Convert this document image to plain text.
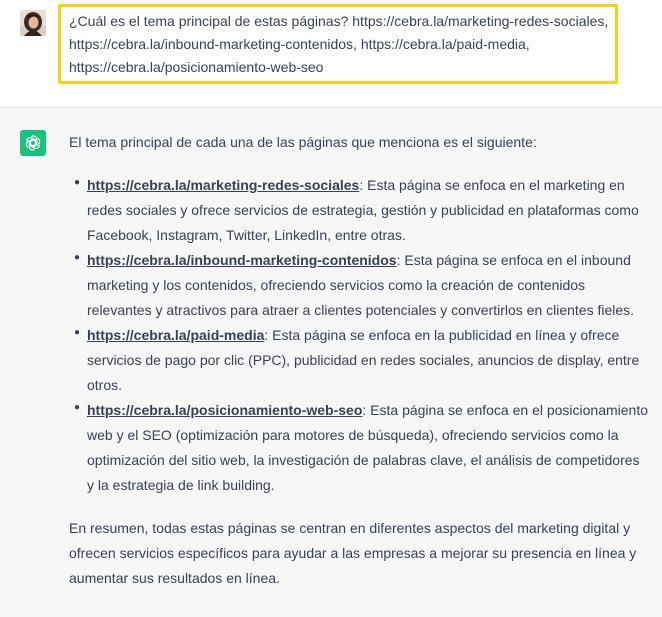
¿Cuál es el tema principal de estas páginas? https://cebra.la/marketing-redes-sociales, https://cebra.la/inbound-marketing-contenidos, https://cebra.la/paid-media, https://cebra.la/posicionamiento-web-seo

El tema principal de cada una de las páginas que menciona es el siguiente:

● https://cebra.la/marketing-redes-sociales: Esta página se enfoca en el marketing en redes sociales y ofrece servicios de estrategia, gestión y publicidad en plataformas como Facebook, Instagram, Twitter, LinkedIn, entre otras.
● https://cebra.la/inbound-marketing-contenidos: Esta página se enfoca en el inbound marketing y los contenidos, ofreciendo servicios como la creación de contenidos relevantes y atractivos para atraer a clientes potenciales y convertirlos en clientes fieles.
● https://cebra.la/paid-media: Esta página se enfoca en la publicidad en línea y ofrece servicios de pago por clic (PPC), publicidad en redes sociales, anuncios de display, entre otros.
● https://cebra.la/posicionamiento-web-seo: Esta página se enfoca en el posicionamiento web y el SEO (optimización para motores de búsqueda), ofreciendo servicios como la optimización del sitio web, la investigación de palabras clave, el análisis de competidores y la estrategia de link building.

En resumen, todas estas páginas se centran en diferentes aspectos del marketing digital y ofrecen servicios específicos para ayudar a las empresas a mejorar su presencia en línea y aumentar sus resultados en línea.
